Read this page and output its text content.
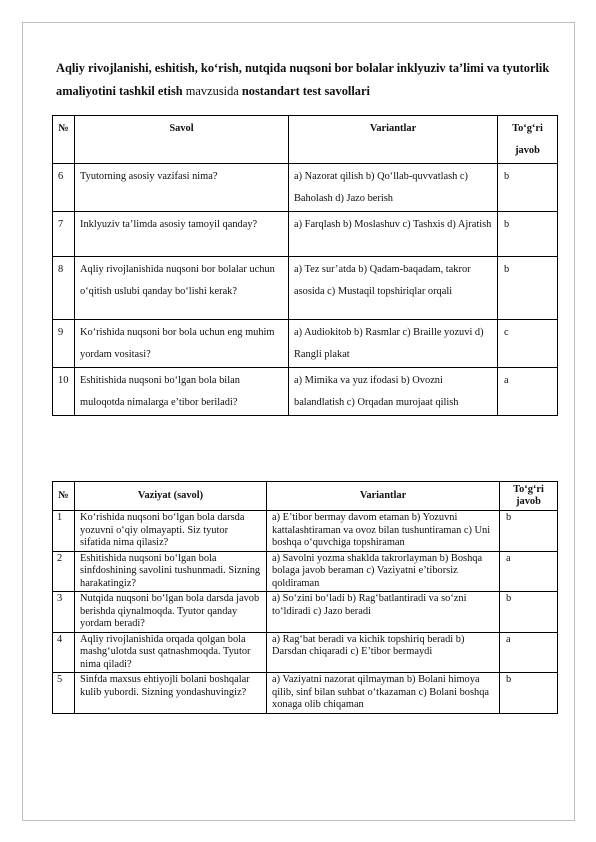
Aqliy rivojlanishi, eshitish, ko‘rish, nutqida nuqsoni bor bolalar inklyuziv ta’limi va tyutorlik amaliyotini tashkil etish mavzusida nostandart test savollari
№	Savol	Variantlar	To‘g‘ri javob
6	Tyutorning asosiy vazifasi nima?	a) Nazorat qilish b) Qo‘llab-quvvatlash c) Baholash d) Jazo berish	b
7	Inklyuziv ta’limda asosiy tamoyil qanday?	a) Farqlash b) Moslashuv c) Tashxis d) Ajratish	b
8	Aqliy rivojlanishida nuqsoni bor bolalar uchun o‘qitish uslubi qanday bo‘lishi kerak?	a) Tez sur’atda b) Qadam-baqadam, takror asosida c) Mustaqil topshiriqlar orqali	b
9	Ko‘rishida nuqsoni bor bola uchun eng muhim yordam vositasi?	a) Audiokitob b) Rasmlar c) Braille yozuvi d) Rangli plakat	c
10	Eshitishida nuqsoni bo‘lgan bola bilan muloqotda nimalarga e’tibor beriladi?	a) Mimika va yuz ifodasi b) Ovozni balandlatish c) Orqadan murojaat qilish	a
№	Vaziyat (savol)	Variantlar	To‘g‘ri javob
1	Ko‘rishida nuqsoni bo‘lgan bola darsda yozuvni o‘qiy olmayapti. Siz tyutor sifatida nima qilasiz?	a) E’tibor bermay davom etaman b) Yozuvni kattalashtiraman va ovoz bilan tushuntiraman c) Uni boshqa o‘quvchiga topshiraman	b
2	Eshitishida nuqsoni bo‘lgan bola sinfdoshining savolini tushunmadi. Sizning harakatingiz?	a) Savolni yozma shaklda takrorlayman b) Boshqa bolaga javob beraman c) Vaziyatni e’tiborsiz qoldiraman	a
3	Nutqida nuqsoni bo‘lgan bola darsda javob berishda qiynalmoqda. Tyutor qanday yordam beradi?	a) So‘zini bo‘ladi b) Rag‘batlantiradi va so‘zni to‘ldiradi c) Jazo beradi	b
4	Aqliy rivojlanishida orqada qolgan bola mashg‘ulotda sust qatnashmoqda. Tyutor nima qiladi?	a) Rag‘bat beradi va kichik topshiriq beradi b) Darsdan chiqaradi c) E’tibor bermaydi	a
5	Sinfda maxsus ehtiyojli bolani boshqalar kulib yubordi. Sizning yondashuvingiz?	a) Vaziyatni nazorat qilmayman b) Bolani himoya qilib, sinf bilan suhbat o‘tkazaman c) Bolani boshqa xonaga olib chiqaman	b
